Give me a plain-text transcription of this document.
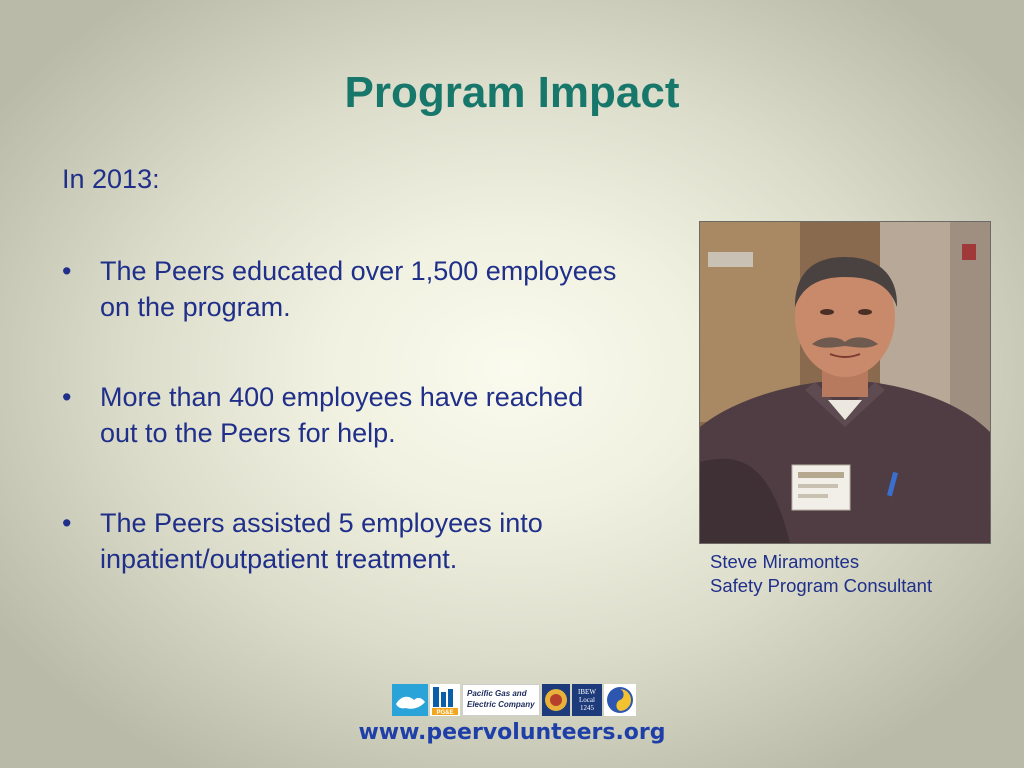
Program Impact
In 2013:
• The Peers educated over 1,500 employees on the program.
• More than 400 employees have reached out to the Peers for help.
• The Peers assisted 5 employees into inpatient/outpatient treatment.	Steve Miramontes
Safety Program Consultant
PG&E
Pacific Gas and Electric Company
IBEW Local 1245
www.peervolunteers.org
